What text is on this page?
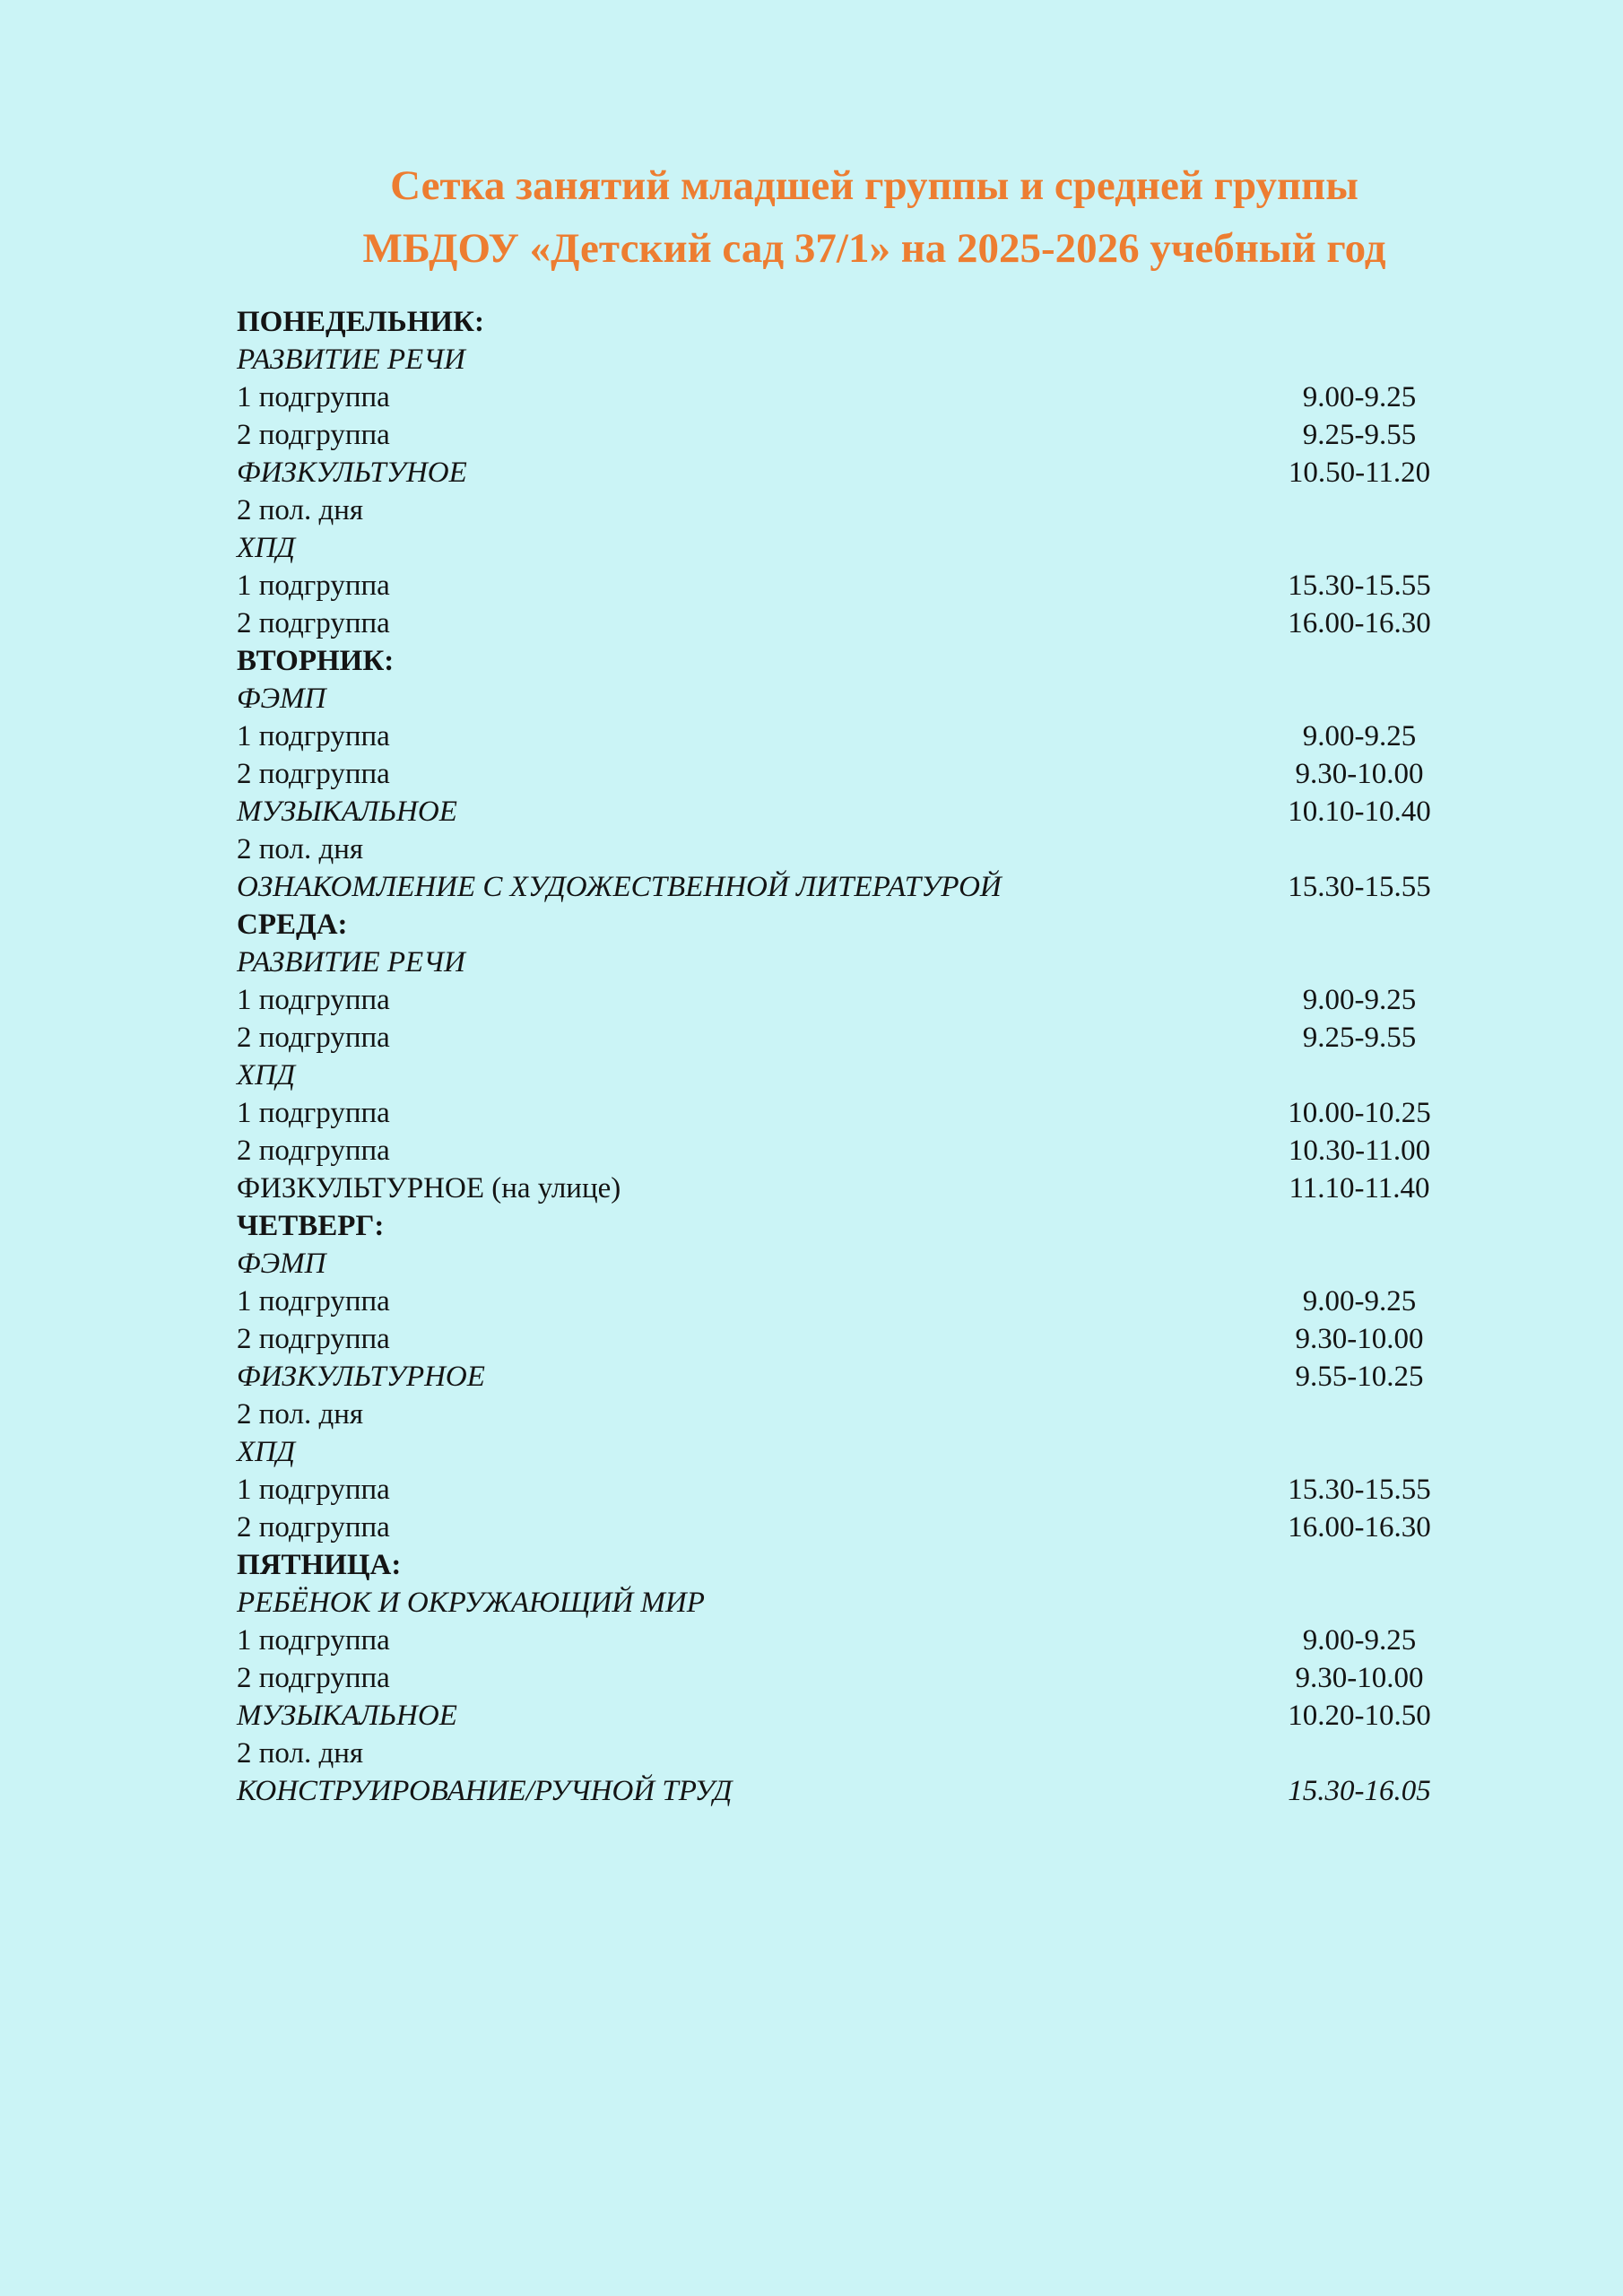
Сетка занятий младшей группы и средней группы
МБДОУ «Детский сад 37/1» на 2025-2026 учебный год
ПОНЕДЕЛЬНИК:
РАЗВИТИЕ РЕЧИ
1 подгруппа	9.00-9.25
2 подгруппа	9.25-9.55
ФИЗКУЛЬТУНОЕ	10.50-11.20
2 пол. дня
ХПД
1 подгруппа	15.30-15.55
2 подгруппа	16.00-16.30
ВТОРНИК:
ФЭМП
1 подгруппа	9.00-9.25
2 подгруппа	9.30-10.00
МУЗЫКАЛЬНОЕ	10.10-10.40
2 пол. дня
ОЗНАКОМЛЕНИЕ С ХУДОЖЕСТВЕННОЙ ЛИТЕРАТУРОЙ	15.30-15.55
СРЕДА:
РАЗВИТИЕ РЕЧИ
1 подгруппа	9.00-9.25
2 подгруппа	9.25-9.55
ХПД
1 подгруппа	10.00-10.25
2 подгруппа	10.30-11.00
ФИЗКУЛЬТУРНОЕ (на улице)	11.10-11.40
ЧЕТВЕРГ:
ФЭМП
1 подгруппа	9.00-9.25
2 подгруппа	9.30-10.00
ФИЗКУЛЬТУРНОЕ	9.55-10.25
2 пол. дня
ХПД
1 подгруппа	15.30-15.55
2 подгруппа	16.00-16.30
ПЯТНИЦА:
РЕБЁНОК И ОКРУЖАЮЩИЙ МИР
1 подгруппа	9.00-9.25
2 подгруппа	9.30-10.00
МУЗЫКАЛЬНОЕ	10.20-10.50
2 пол. дня
КОНСТРУИРОВАНИЕ/РУЧНОЙ ТРУД	15.30-16.05
